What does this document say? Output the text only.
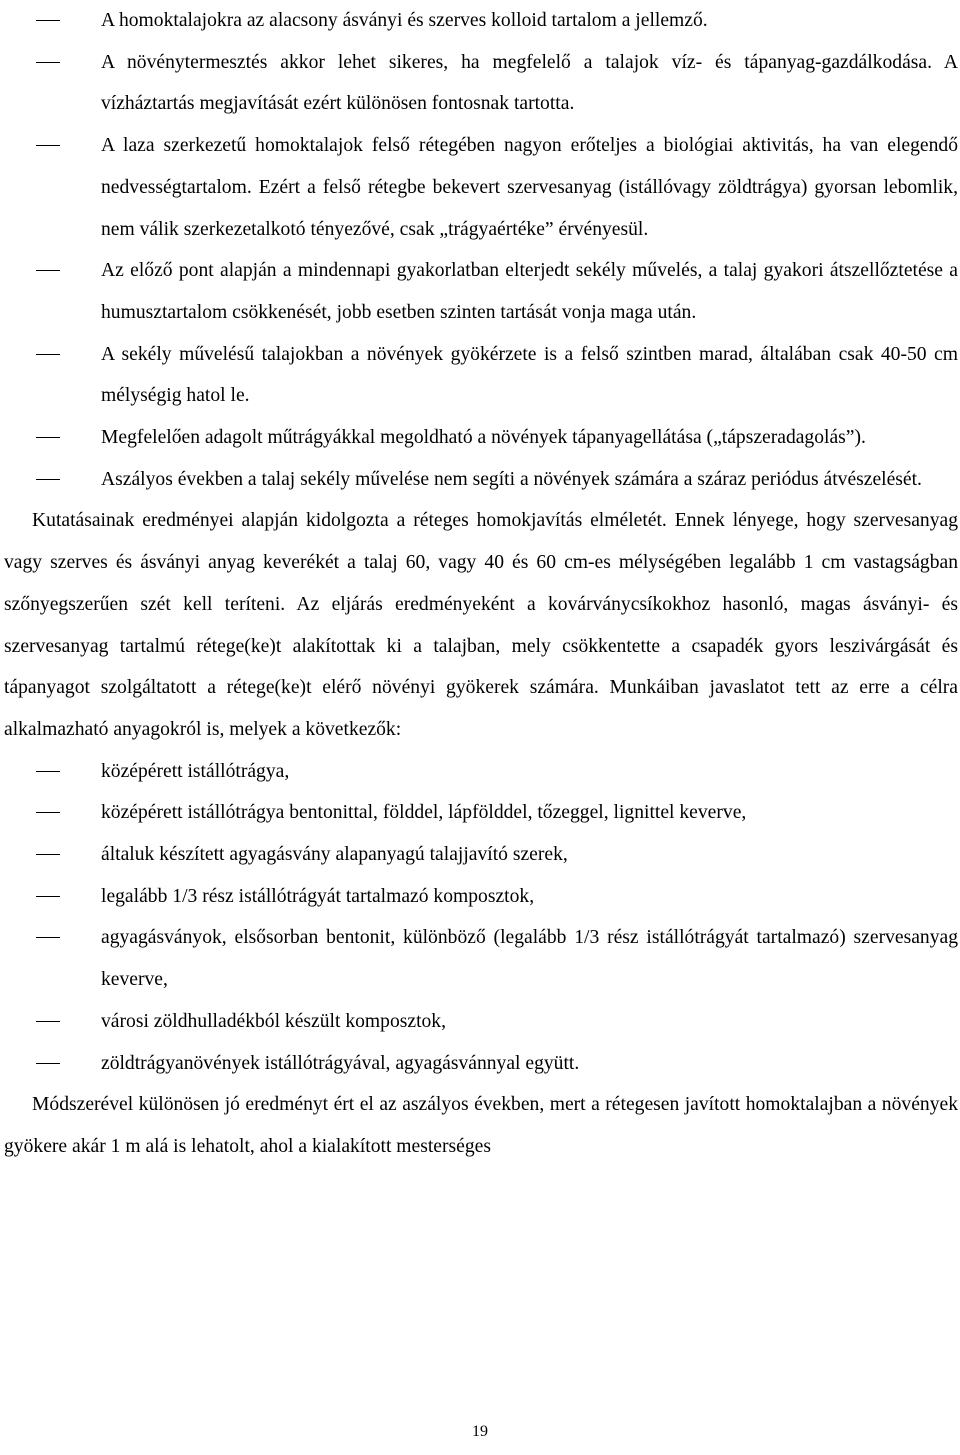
A homoktalajokra az alacsony ásványi és szerves kolloid tartalom a jellemző.
A növénytermesztés akkor lehet sikeres, ha megfelelő a talajok víz- és tápanyag-gazdálkodása. A vízháztartás megjavítását ezért különösen fontosnak tartotta.
A laza szerkezetű homoktalajok felső rétegében nagyon erőteljes a biológiai aktivitás, ha van elegendő nedvességtartalom. Ezért a felső rétegbe bekevert szervesanyag (istállóvagy zöldtrágya) gyorsan lebomlik, nem válik szerkezetalkotó tényezővé, csak „trágyaértéke” érvényesül.
Az előző pont alapján a mindennapi gyakorlatban elterjedt sekély művelés, a talaj gyakori átszellőztetése a humusztartalom csökkenését, jobb esetben szinten tartását vonja maga után.
A sekély művelésű talajokban a növények gyökérzete is a felső szintben marad, általában csak 40-50 cm mélységig hatol le.
Megfelelően adagolt műtrágyákkal megoldható a növények tápanyagellátása („tápszeradagolás”).
Aszályos években a talaj sekély művelése nem segíti a növények számára a száraz periódus átvészelését.

Kutatásainak eredményei alapján kidolgozta a réteges homokjavítás elméletét. Ennek lényege, hogy szervesanyag vagy szerves és ásványi anyag keverékét a talaj 60, vagy 40 és 60 cm-es mélységében legalább 1 cm vastagságban szőnyegszerűen szét kell teríteni. Az eljárás eredményeként a kovárványcsíkokhoz hasonló, magas ásványi- és szervesanyag tartalmú rétege(ke)t alakítottak ki a talajban, mely csökkentette a csapadék gyors leszivárgását és tápanyagot szolgáltatott a rétege(ke)t elérő növényi gyökerek számára. Munkáiban javaslatot tett az erre a célra alkalmazható anyagokról is, melyek a következők:

középérett istállótrágya,
középérett istállótrágya bentonittal, földdel, lápfölddel, tőzeggel, lignittel keverve,
általuk készített agyagásvány alapanyagú talajjavító szerek,
legalább 1/3 rész istállótrágyát tartalmazó komposztok,
agyagásványok, elsősorban bentonit, különböző (legalább 1/3 rész istállótrágyát tartalmazó) szervesanyag keverve,
városi zöldhulladékból készült komposztok,
zöldtrágyanövények istállótrágyával, agyagásvánnyal együtt.

Módszerével különösen jó eredményt ért el az aszályos években, mert a rétegesen javított homoktalajban a növények gyökere akár 1 m alá is lehatolt, ahol a kialakított mesterséges

19
